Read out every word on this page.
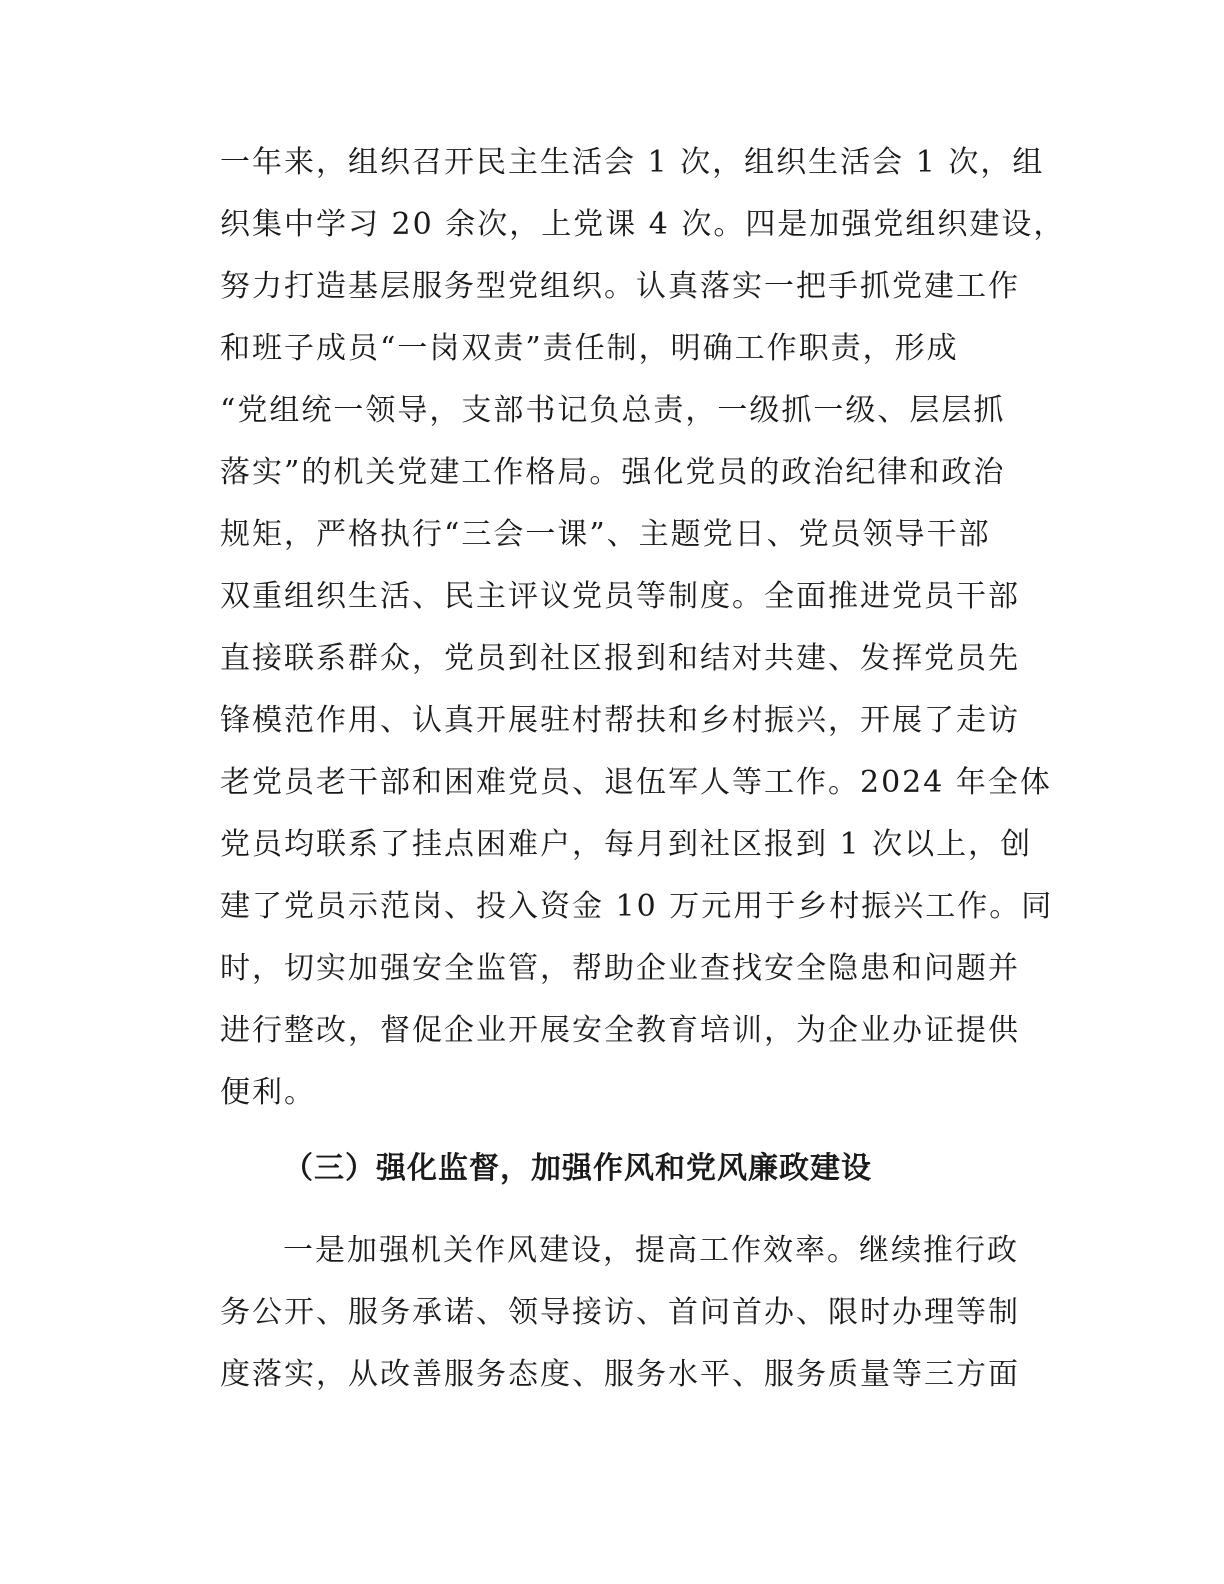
一年来，组织召开民主生活会 1 次，组织生活会 1 次，组
织集中学习 20 余次，上党课 4 次。四是加强党组织建设，
努力打造基层服务型党组织。认真落实一把手抓党建工作
和班子成员“一岗双责”责任制，明确工作职责，形成
“党组统一领导，支部书记负总责，一级抓一级、层层抓
落实”的机关党建工作格局。强化党员的政治纪律和政治
规矩，严格执行“三会一课”、主题党日、党员领导干部
双重组织生活、民主评议党员等制度。全面推进党员干部
直接联系群众，党员到社区报到和结对共建、发挥党员先
锋模范作用、认真开展驻村帮扶和乡村振兴，开展了走访
老党员老干部和困难党员、退伍军人等工作。2024 年全体
党员均联系了挂点困难户，每月到社区报到 1 次以上，创
建了党员示范岗、投入资金 10 万元用于乡村振兴工作。同
时，切实加强安全监管，帮助企业查找安全隐患和问题并
进行整改，督促企业开展安全教育培训，为企业办证提供
便利。
（三）强化监督，加强作风和党风廉政建设
一是加强机关作风建设，提高工作效率。继续推行政
务公开、服务承诺、领导接访、首问首办、限时办理等制
度落实，从改善服务态度、服务水平、服务质量等三方面
